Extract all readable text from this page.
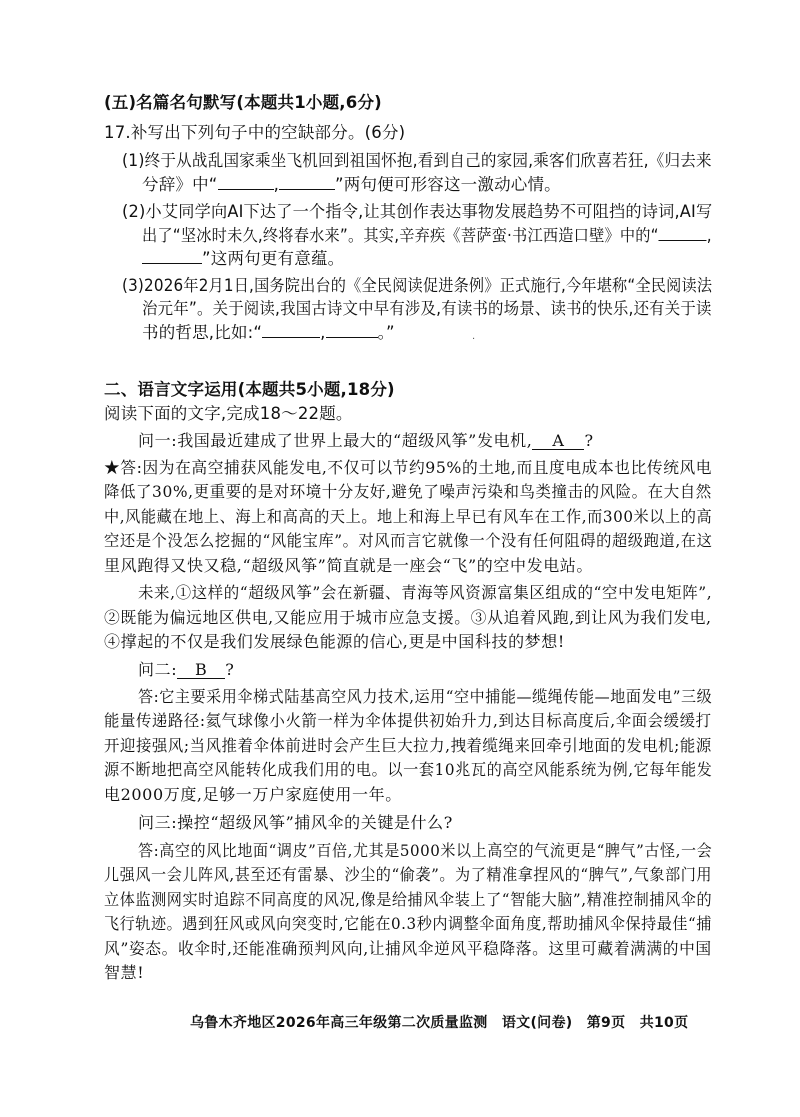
(五)名篇名句默写(本题共1小题,6分)
17.补写出下列句子中的空缺部分。(6分)
(1)终于从战乱国家乘坐飞机回到祖国怀抱,看到自己的家园,乘客们欣喜若狂,《归去来
兮辞》中“	,	”两句便可形容这一激动心情。
(2)小艾同学向AI下达了一个指令,让其创作表达事物发展趋势不可阻挡的诗词,AI写
出了“坚冰时未久,终将春水来”。其实,辛弃疾《菩萨蛮·书江西造口壁》中的“	,
”这两句更有意蕴。
(3)2026年2月1日,国务院出台的《全民阅读促进条例》正式施行,今年堪称“全民阅读法
治元年”。关于阅读,我国古诗文中早有涉及,有读书的场景、读书的快乐,还有关于读
书的哲思,比如:“	,	。”	·
二、语言文字运用(本题共5小题,18分)
阅读下面的文字,完成18～22题。
问一:我国最近建成了世界上最大的“超级风筝”发电机, A ?
★答:因为在高空捕获风能发电,不仅可以节约95%的土地,而且度电成本也比传统风电
降低了30%,更重要的是对环境十分友好,避免了噪声污染和鸟类撞击的风险。在大自然
中,风能藏在地上、海上和高高的天上。地上和海上早已有风车在工作,而300米以上的高
空还是个没怎么挖掘的“风能宝库”。对风而言它就像一个没有任何阻碍的超级跑道,在这
里风跑得又快又稳,“超级风筝”简直就是一座会“飞”的空中发电站。
未来,①这样的“超级风筝”会在新疆、青海等风资源富集区组成的“空中发电矩阵”,
②既能为偏远地区供电,又能应用于城市应急支援。③从追着风跑,到让风为我们发电,
④撑起的不仅是我们发展绿色能源的信心,更是中国科技的梦想!
问二: B ?
答:它主要采用伞梯式陆基高空风力技术,运用“空中捕能—缆绳传能—地面发电”三级
能量传递路径:氦气球像小火箭一样为伞体提供初始升力,到达目标高度后,伞面会缓缓打
开迎接强风;当风推着伞体前进时会产生巨大拉力,拽着缆绳来回牵引地面的发电机;能源
源不断地把高空风能转化成我们用的电。以一套10兆瓦的高空风能系统为例,它每年能发
电2000万度,足够一万户家庭使用一年。
问三:操控“超级风筝”捕风伞的关键是什么?
答:高空的风比地面“调皮”百倍,尤其是5000米以上高空的气流更是“脾气”古怪,一会
儿强风一会儿阵风,甚至还有雷暴、沙尘的“偷袭”。为了精准拿捏风的“脾气”,气象部门用
立体监测网实时追踪不同高度的风况,像是给捕风伞装上了“智能大脑”,精准控制捕风伞的
飞行轨迹。遇到狂风或风向突变时,它能在0.3秒内调整伞面角度,帮助捕风伞保持最佳“捕
风”姿态。收伞时,还能准确预判风向,让捕风伞逆风平稳降落。这里可藏着满满的中国
智慧!
乌鲁木齐地区2026年高三年级第二次质量监测　语文(问卷)　第9页　共10页
